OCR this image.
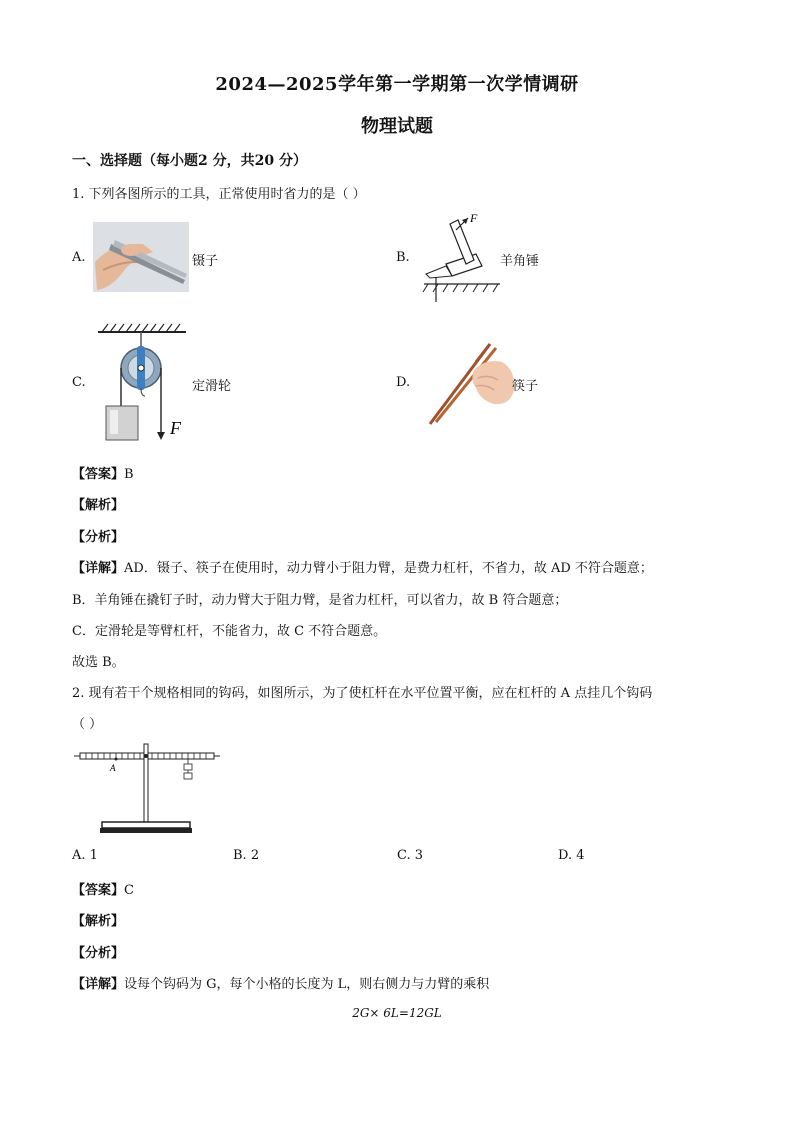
2024—2025学年第一学期第一次学情调研
物理试题
一、选择题（每小题2 分，共20 分）
1. 下列各图所示的工具，正常使用时省力的是（ ）
A.	镊子	B.
F
羊角锤
C.
F
定滑轮	D.	筷子
【答案】B
【解析】
【分析】
【详解】AD．镊子、筷子在使用时，动力臂小于阻力臂，是费力杠杆，不省力，故 AD 不符合题意；
B．羊角锤在撬钉子时，动力臂大于阻力臂，是省力杠杆，可以省力，故 B 符合题意；
C．定滑轮是等臂杠杆，不能省力，故 C 不符合题意。
故选 B。
2. 现有若干个规格相同的钩码，如图所示，为了使杠杆在水平位置平衡，应在杠杆的 A 点挂几个钩码
（ ）
A
A. 1	B. 2	C. 3	D. 4
【答案】C
【解析】
【分析】
【详解】设每个钩码为 G，每个小格的长度为 L，则右侧力与力臂的乘积
2G× 6L=12GL
